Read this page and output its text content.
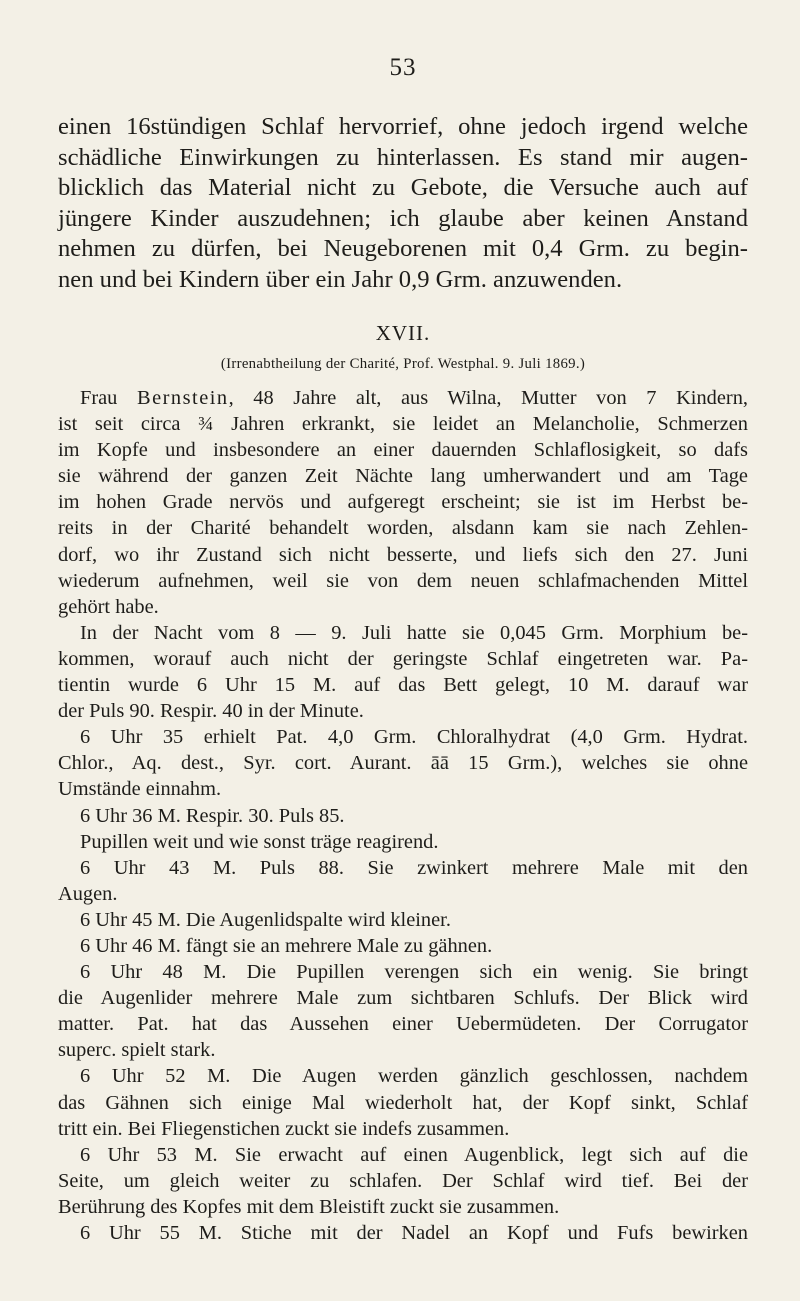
53

einen 16stündigen Schlaf hervorrief, ohne jedoch irgend welche
schädliche Einwirkungen zu hinterlassen. Es stand mir augen-
blicklich das Material nicht zu Gebote, die Versuche auch auf
jüngere Kinder auszudehnen; ich glaube aber keinen Anstand
nehmen zu dürfen, bei Neugeborenen mit 0,4 Grm. zu begin-
nen und bei Kindern über ein Jahr 0,9 Grm. anzuwenden.

XVII.
(Irrenabtheilung der Charité, Prof. Westphal. 9. Juli 1869.)

Frau Bernstein, 48 Jahre alt, aus Wilna, Mutter von 7 Kindern,
ist seit circa ¾ Jahren erkrankt, sie leidet an Melancholie, Schmerzen
im Kopfe und insbesondere an einer dauernden Schlaflosigkeit, so dafs
sie während der ganzen Zeit Nächte lang umherwandert und am Tage
im hohen Grade nervös und aufgeregt erscheint; sie ist im Herbst be-
reits in der Charité behandelt worden, alsdann kam sie nach Zehlen-
dorf, wo ihr Zustand sich nicht besserte, und liefs sich den 27. Juni
wiederum aufnehmen, weil sie von dem neuen schlafmachenden Mittel
gehört habe.

In der Nacht vom 8 — 9. Juli hatte sie 0,045 Grm. Morphium be-
kommen, worauf auch nicht der geringste Schlaf eingetreten war. Pa-
tientin wurde 6 Uhr 15 M. auf das Bett gelegt, 10 M. darauf war
der Puls 90. Respir. 40 in der Minute.

6 Uhr 35 erhielt Pat. 4,0 Grm. Chloralhydrat (4,0 Grm. Hydrat.
Chlor., Aq. dest., Syr. cort. Aurant. āā 15 Grm.), welches sie ohne
Umstände einnahm.

6 Uhr 36 M. Respir. 30. Puls 85.

Pupillen weit und wie sonst träge reagirend.

6 Uhr 43 M. Puls 88. Sie zwinkert mehrere Male mit den
Augen.

6 Uhr 45 M. Die Augenlidspalte wird kleiner.

6 Uhr 46 M. fängt sie an mehrere Male zu gähnen.

6 Uhr 48 M. Die Pupillen verengen sich ein wenig. Sie bringt
die Augenlider mehrere Male zum sichtbaren Schlufs. Der Blick wird
matter. Pat. hat das Aussehen einer Uebermüdeten. Der Corrugator
superc. spielt stark.

6 Uhr 52 M. Die Augen werden gänzlich geschlossen, nachdem
das Gähnen sich einige Mal wiederholt hat, der Kopf sinkt, Schlaf
tritt ein. Bei Fliegenstichen zuckt sie indefs zusammen.

6 Uhr 53 M. Sie erwacht auf einen Augenblick, legt sich auf die
Seite, um gleich weiter zu schlafen. Der Schlaf wird tief. Bei der
Berührung des Kopfes mit dem Bleistift zuckt sie zusammen.

6 Uhr 55 M. Stiche mit der Nadel an Kopf und Fufs bewirken
